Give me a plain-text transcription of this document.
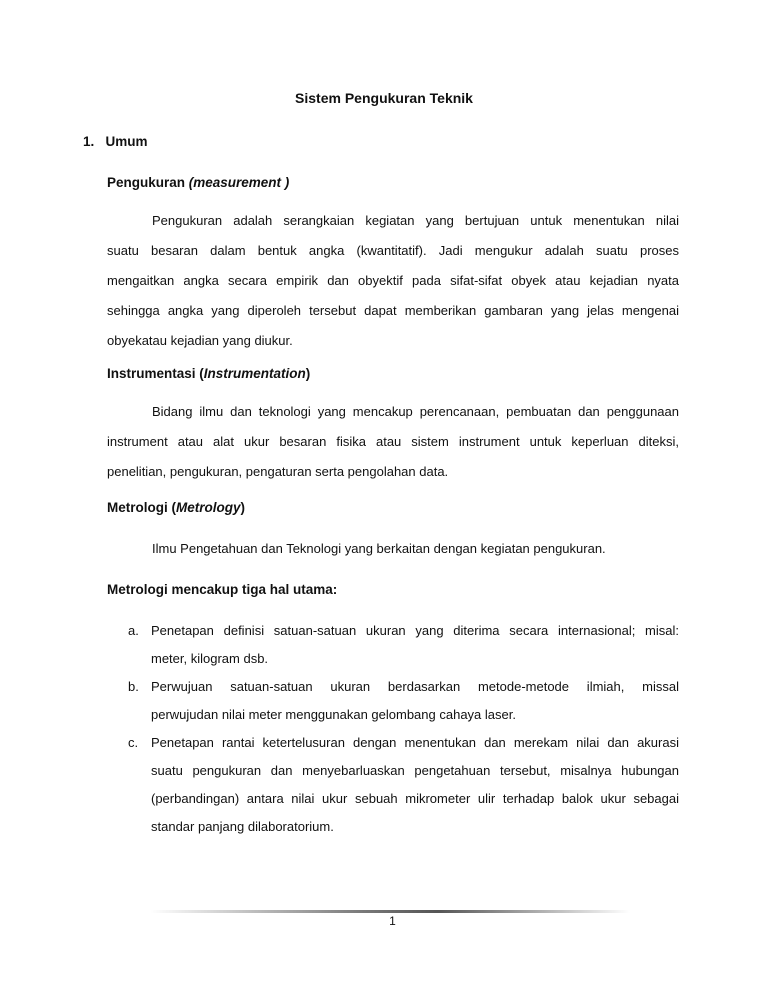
Sistem Pengukuran Teknik
1. Umum
Pengukuran (measurement )
Pengukuran adalah serangkaian kegiatan yang bertujuan untuk menentukan nilai
suatu besaran dalam bentuk angka (kwantitatif). Jadi mengukur adalah suatu proses
mengaitkan angka secara empirik dan obyektif pada sifat-sifat obyek atau kejadian nyata
sehingga angka yang diperoleh tersebut dapat memberikan gambaran yang jelas mengenai
obyekatau kejadian yang diukur.
Instrumentasi (Instrumentation)
Bidang ilmu dan teknologi yang mencakup perencanaan, pembuatan dan penggunaan
instrument atau alat ukur besaran fisika atau sistem instrument untuk keperluan diteksi,
penelitian, pengukuran, pengaturan serta pengolahan data.
Metrologi (Metrology)
Ilmu Pengetahuan dan Teknologi yang berkaitan dengan kegiatan pengukuran.
Metrologi mencakup tiga hal utama:
a. Penetapan definisi satuan-satuan ukuran yang diterima secara internasional; misal:
meter, kilogram dsb.
b. Perwujuan satuan-satuan ukuran berdasarkan metode-metode ilmiah, missal
perwujudan nilai meter menggunakan gelombang cahaya laser.
c. Penetapan rantai ketertelusuran dengan menentukan dan merekam nilai dan akurasi
suatu pengukuran dan menyebarluaskan pengetahuan tersebut, misalnya hubungan
(perbandingan) antara nilai ukur sebuah mikrometer ulir terhadap balok ukur sebagai
standar panjang dilaboratorium.
1
